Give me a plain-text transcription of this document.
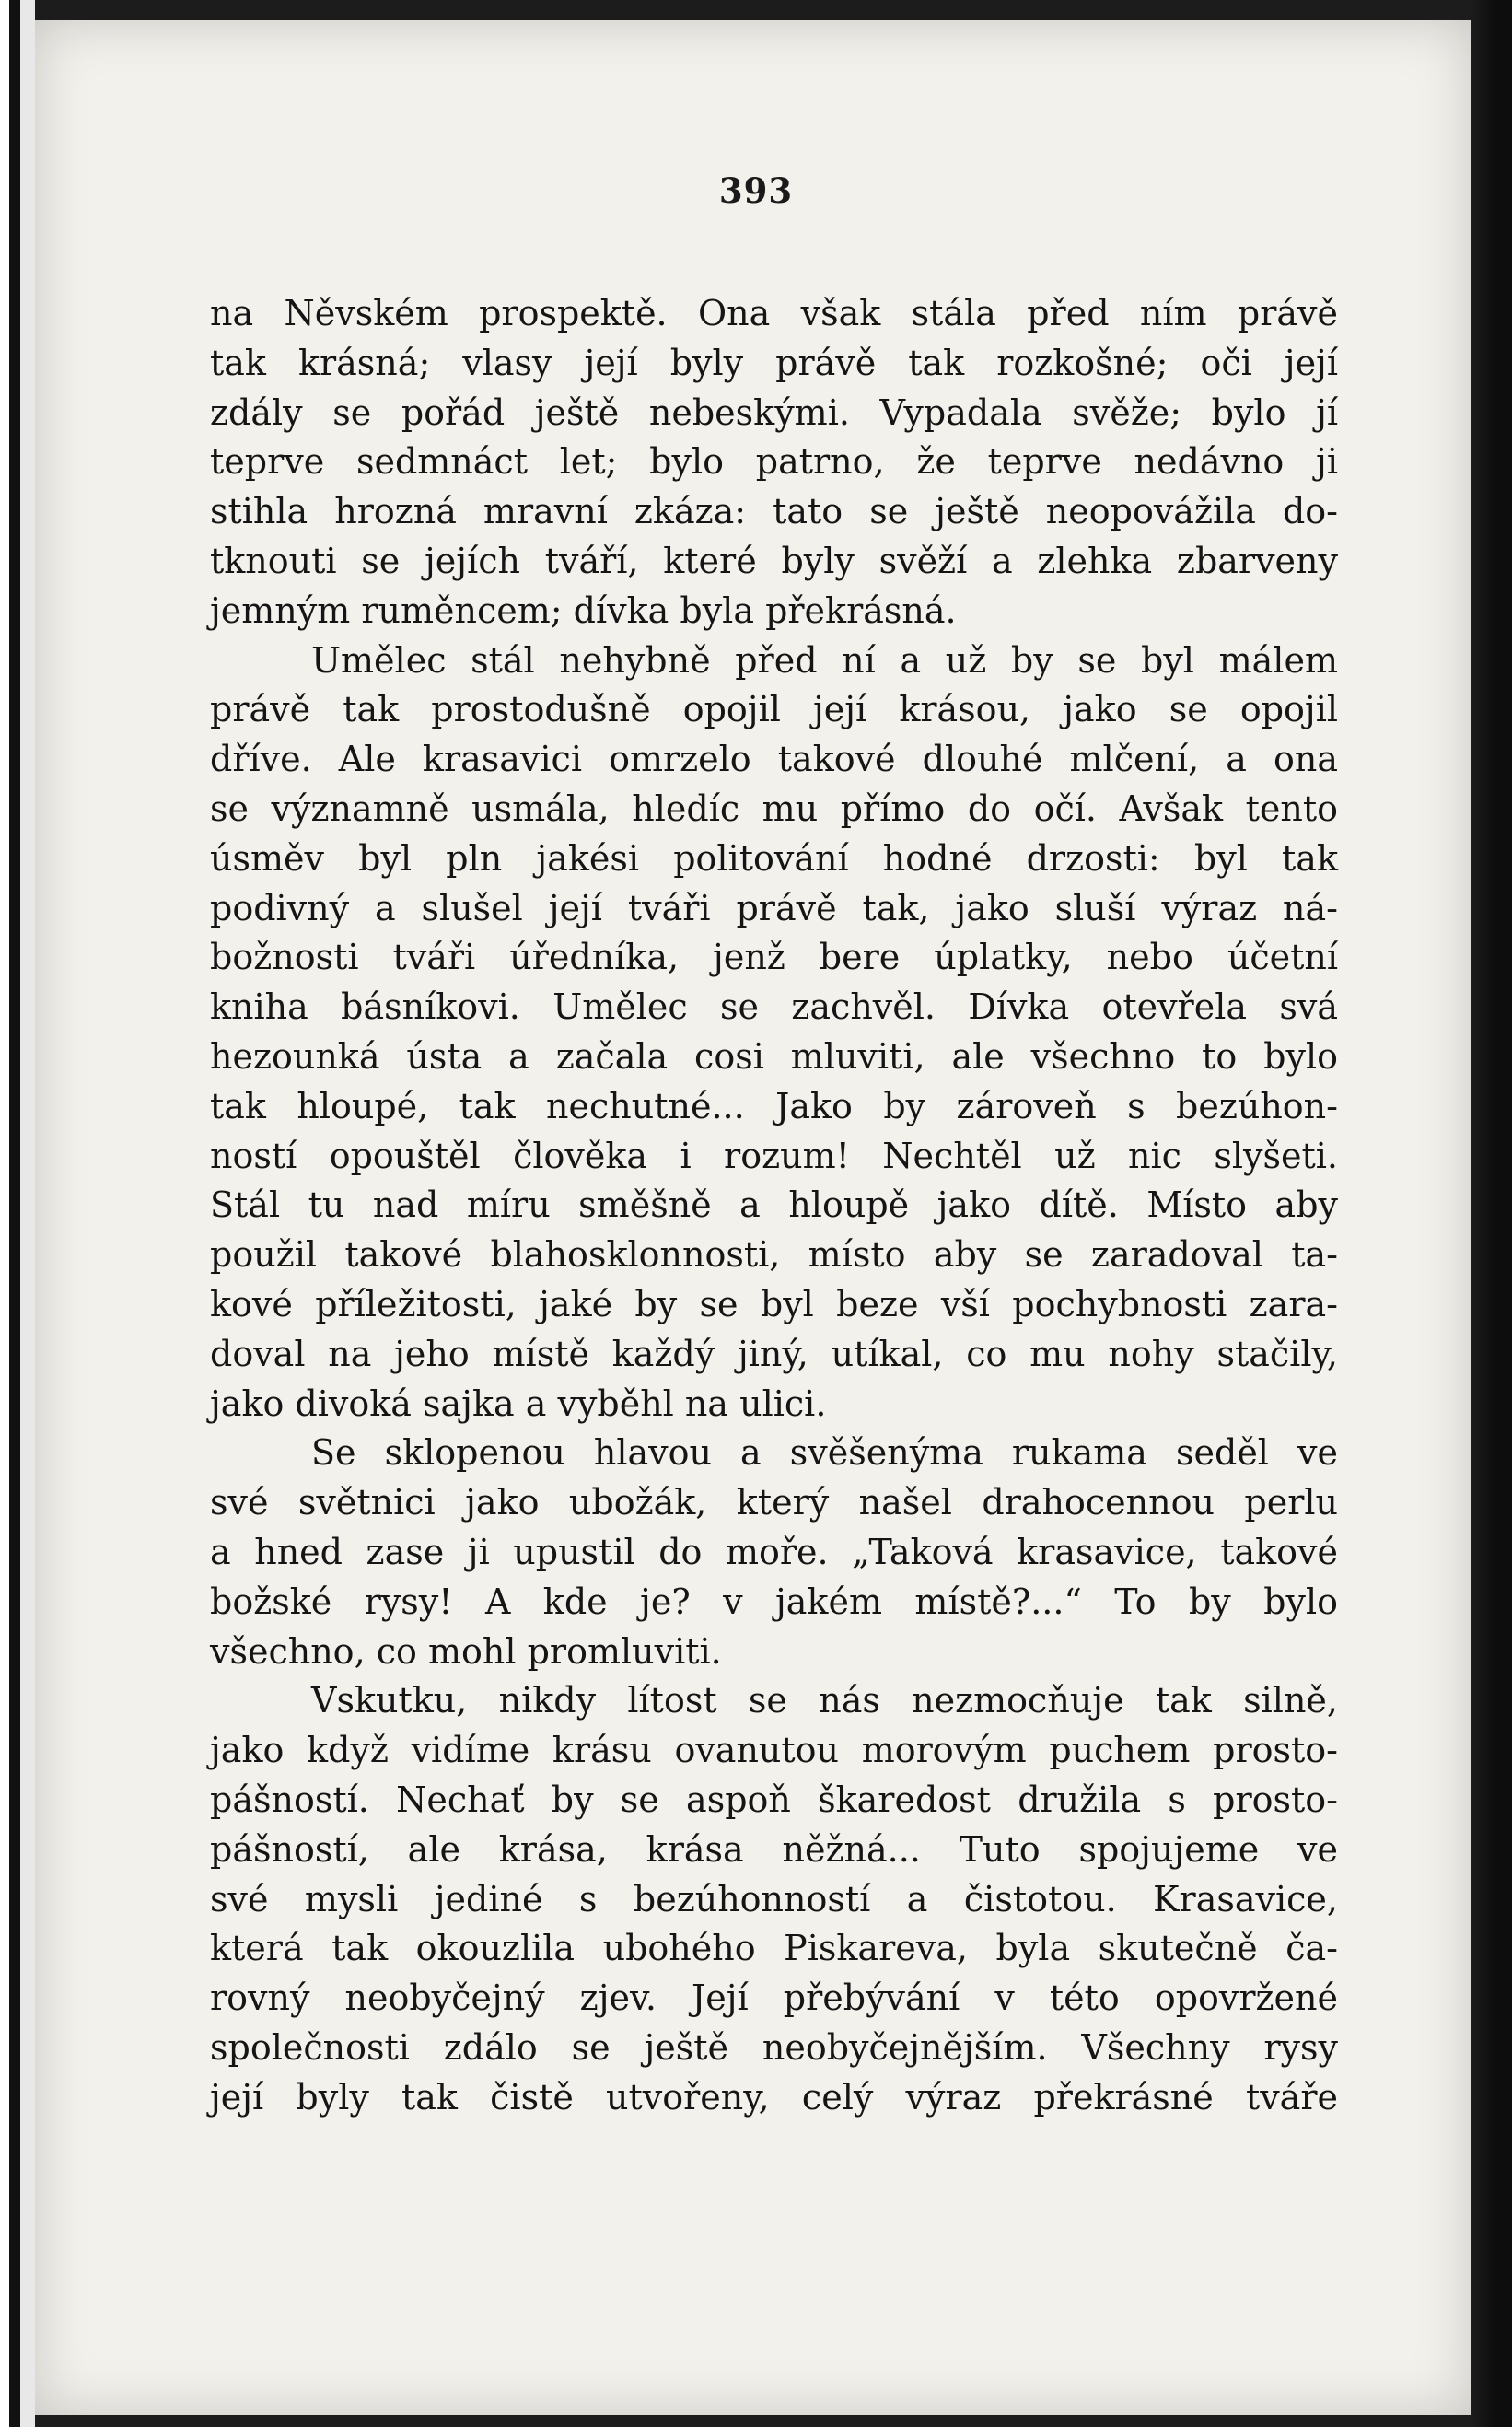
393
na Něvském prospektě. Ona však stála před ním právě
tak krásná; vlasy její byly právě tak rozkošné; oči její
zdály se pořád ještě nebeskými. Vypadala svěže; bylo jí
teprve sedmnáct let; bylo patrno, že teprve nedávno ji
stihla hrozná mravní zkáza: tato se ještě neopovážila do-
tknouti se jejích tváří, které byly svěží a zlehka zbarveny
jemným ruměncem; dívka byla překrásná.
Umělec stál nehybně před ní a už by se byl málem
právě tak prostodušně opojil její krásou, jako se opojil
dříve. Ale krasavici omrzelo takové dlouhé mlčení, a ona
se významně usmála, hledíc mu přímo do očí. Avšak tento
úsměv byl pln jakési politování hodné drzosti: byl tak
podivný a slušel její tváři právě tak, jako sluší výraz ná-
božnosti tváři úředníka, jenž bere úplatky, nebo účetní
kniha básníkovi. Umělec se zachvěl. Dívka otevřela svá
hezounká ústa a začala cosi mluviti, ale všechno to bylo
tak hloupé, tak nechutné... Jako by zároveň s bezúhon-
ností opouštěl člověka i rozum! Nechtěl už nic slyšeti.
Stál tu nad míru směšně a hloupě jako dítě. Místo aby
použil takové blahosklonnosti, místo aby se zaradoval ta-
kové příležitosti, jaké by se byl beze vší pochybnosti zara-
doval na jeho místě každý jiný, utíkal, co mu nohy stačily,
jako divoká sajka a vyběhl na ulici.
Se sklopenou hlavou a svěšenýma rukama seděl ve
své světnici jako ubožák, který našel drahocennou perlu
a hned zase ji upustil do moře. „Taková krasavice, takové
božské rysy! A kde je? v jakém místě?...“ To by bylo
všechno, co mohl promluviti.
Vskutku, nikdy lítost se nás nezmocňuje tak silně,
jako když vidíme krásu ovanutou morovým puchem prosto-
pášností. Nechať by se aspoň škaredost družila s prosto-
pášností, ale krása, krása něžná... Tuto spojujeme ve
své mysli jediné s bezúhonností a čistotou. Krasavice,
která tak okouzlila ubohého Piskareva, byla skutečně ča-
rovný neobyčejný zjev. Její přebývání v této opovržené
společnosti zdálo se ještě neobyčejnějším. Všechny rysy
její byly tak čistě utvořeny, celý výraz překrásné tváře
